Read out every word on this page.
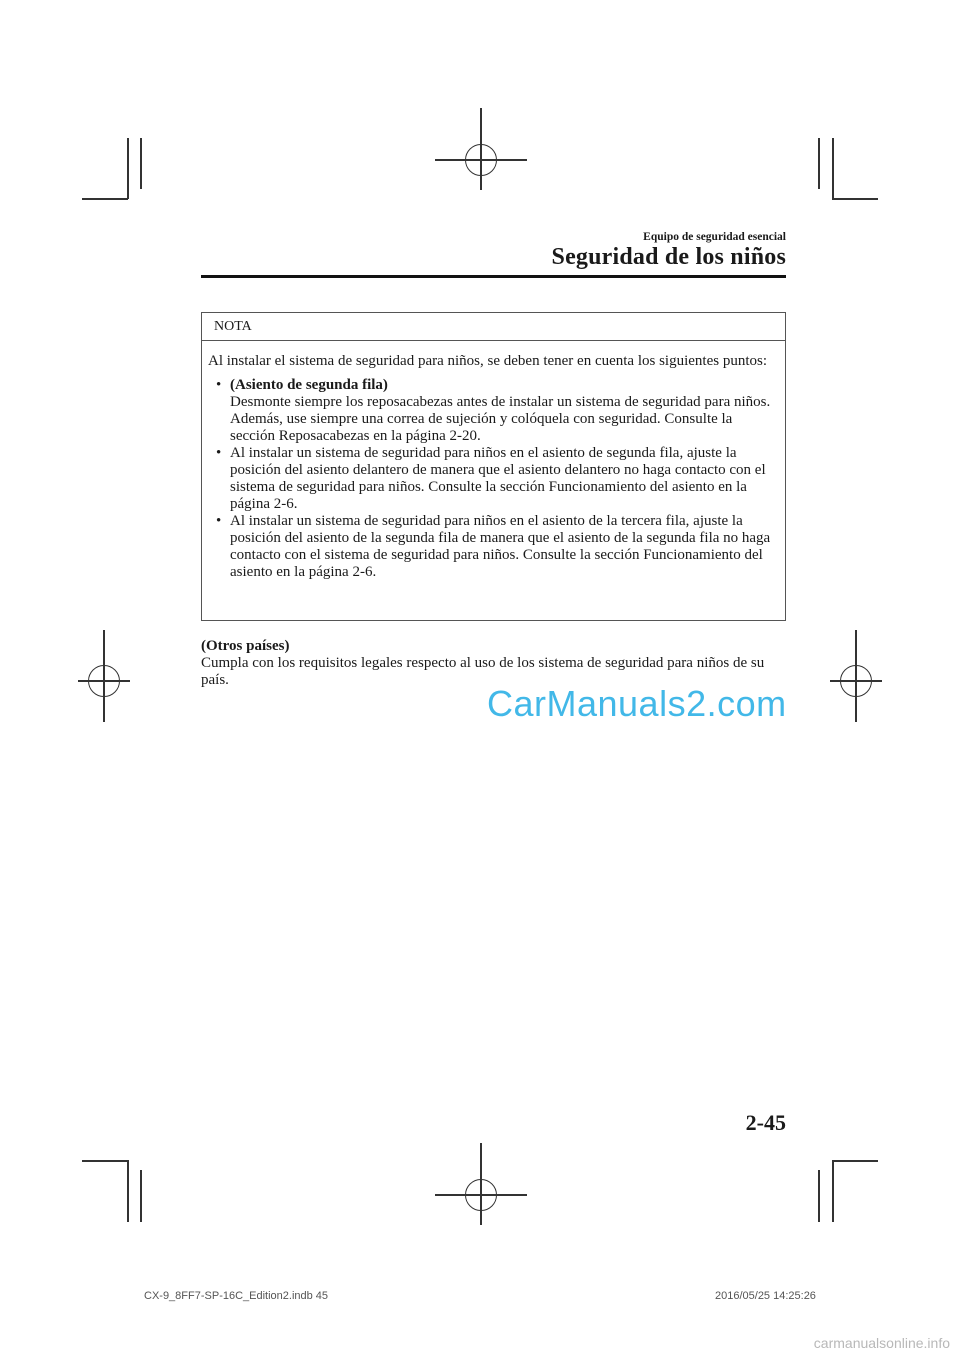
Equipo de seguridad esencial
Seguridad de los niños
NOTA

Al instalar el sistema de seguridad para niños, se deben tener en cuenta los siguientes puntos:

• (Asiento de segunda fila)
Desmonte siempre los reposacabezas antes de instalar un sistema de seguridad para niños. Además, use siempre una correa de sujeción y colóquela con seguridad. Consulte la sección Reposacabezas en la página 2-20.
• Al instalar un sistema de seguridad para niños en el asiento de segunda fila, ajuste la posición del asiento delantero de manera que el asiento delantero no haga contacto con el sistema de seguridad para niños. Consulte la sección Funcionamiento del asiento en la página 2-6.
• Al instalar un sistema de seguridad para niños en el asiento de la tercera fila, ajuste la posición del asiento de la segunda fila de manera que el asiento de la segunda fila no haga contacto con el sistema de seguridad para niños. Consulte la sección Funcionamiento del asiento en la página 2-6.
(Otros países)

Cumpla con los requisitos legales respecto al uso de los sistema de seguridad para niños de su país.

CarManuals2.com
2-45
CX-9_8FF7-SP-16C_Edition2.indb 45	2016/05/25 14:25:26
carmanualsonline.info
